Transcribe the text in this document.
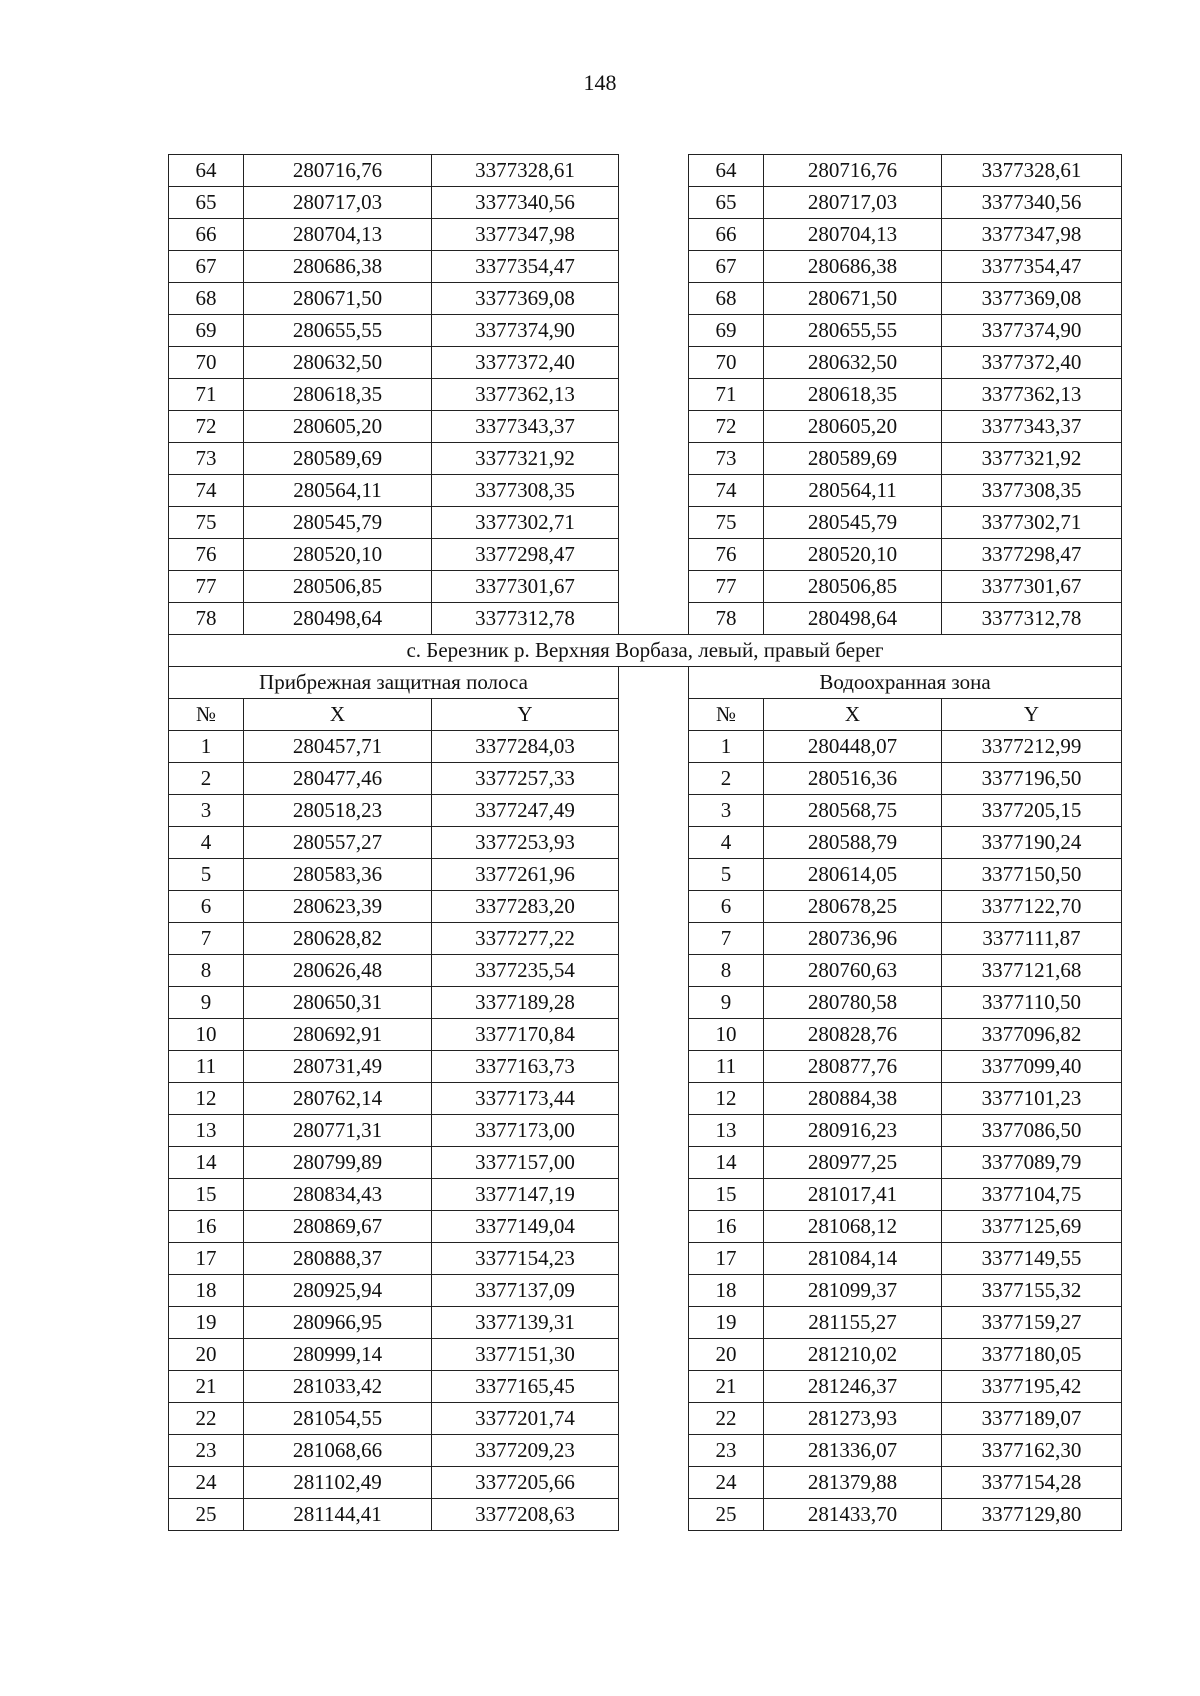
148
64	280716,76	3377328,61		64	280716,76	3377328,61
65	280717,03	3377340,56		65	280717,03	3377340,56
66	280704,13	3377347,98		66	280704,13	3377347,98
67	280686,38	3377354,47		67	280686,38	3377354,47
68	280671,50	3377369,08		68	280671,50	3377369,08
69	280655,55	3377374,90		69	280655,55	3377374,90
70	280632,50	3377372,40		70	280632,50	3377372,40
71	280618,35	3377362,13		71	280618,35	3377362,13
72	280605,20	3377343,37		72	280605,20	3377343,37
73	280589,69	3377321,92		73	280589,69	3377321,92
74	280564,11	3377308,35		74	280564,11	3377308,35
75	280545,79	3377302,71		75	280545,79	3377302,71
76	280520,10	3377298,47		76	280520,10	3377298,47
77	280506,85	3377301,67		77	280506,85	3377301,67
78	280498,64	3377312,78		78	280498,64	3377312,78
с. Березник р. Верхняя Ворбаза, левый, правый берег						
Прибрежная защитная полоса				Водоохранная зона		
№	X	Y		№	X	Y
1	280457,71	3377284,03		1	280448,07	3377212,99
2	280477,46	3377257,33		2	280516,36	3377196,50
3	280518,23	3377247,49		3	280568,75	3377205,15
4	280557,27	3377253,93		4	280588,79	3377190,24
5	280583,36	3377261,96		5	280614,05	3377150,50
6	280623,39	3377283,20		6	280678,25	3377122,70
7	280628,82	3377277,22		7	280736,96	3377111,87
8	280626,48	3377235,54		8	280760,63	3377121,68
9	280650,31	3377189,28		9	280780,58	3377110,50
10	280692,91	3377170,84		10	280828,76	3377096,82
11	280731,49	3377163,73		11	280877,76	3377099,40
12	280762,14	3377173,44		12	280884,38	3377101,23
13	280771,31	3377173,00		13	280916,23	3377086,50
14	280799,89	3377157,00		14	280977,25	3377089,79
15	280834,43	3377147,19		15	281017,41	3377104,75
16	280869,67	3377149,04		16	281068,12	3377125,69
17	280888,37	3377154,23		17	281084,14	3377149,55
18	280925,94	3377137,09		18	281099,37	3377155,32
19	280966,95	3377139,31		19	281155,27	3377159,27
20	280999,14	3377151,30		20	281210,02	3377180,05
21	281033,42	3377165,45		21	281246,37	3377195,42
22	281054,55	3377201,74		22	281273,93	3377189,07
23	281068,66	3377209,23		23	281336,07	3377162,30
24	281102,49	3377205,66		24	281379,88	3377154,28
25	281144,41	3377208,63		25	281433,70	3377129,80
